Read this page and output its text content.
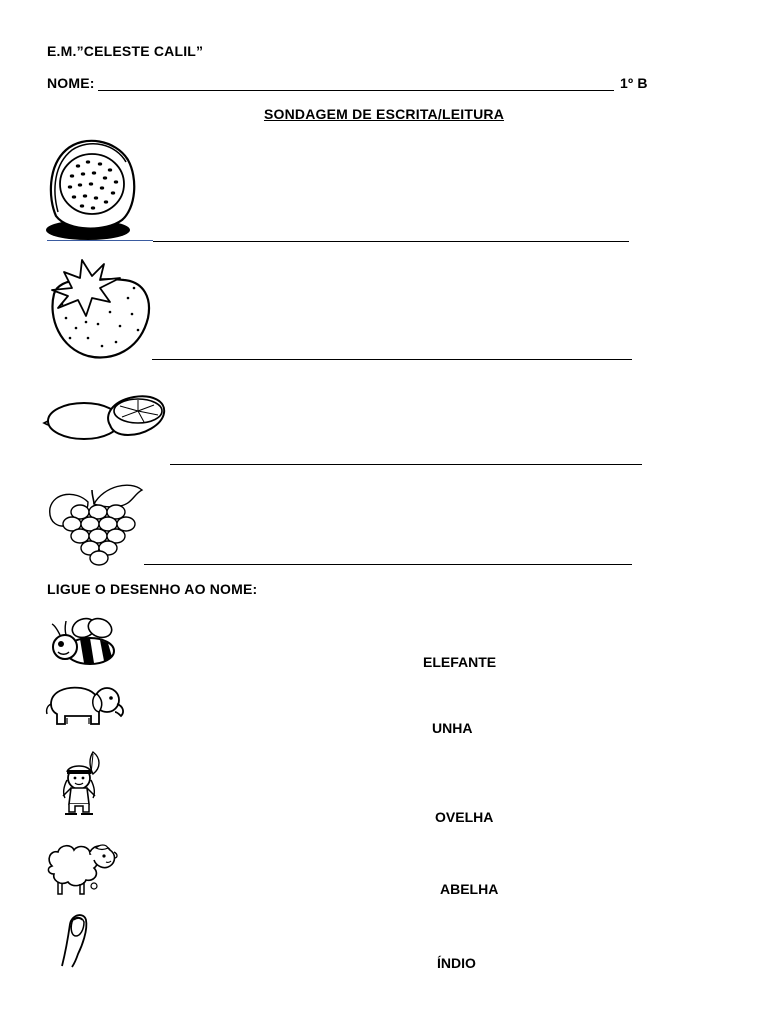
E.M.”CELESTE CALIL”
NOME:	1º B
SONDAGEM DE ESCRITA/LEITURA
LIGUE O DESENHO AO NOME:
ELEFANTE
UNHA
OVELHA
ABELHA
ÍNDIO
